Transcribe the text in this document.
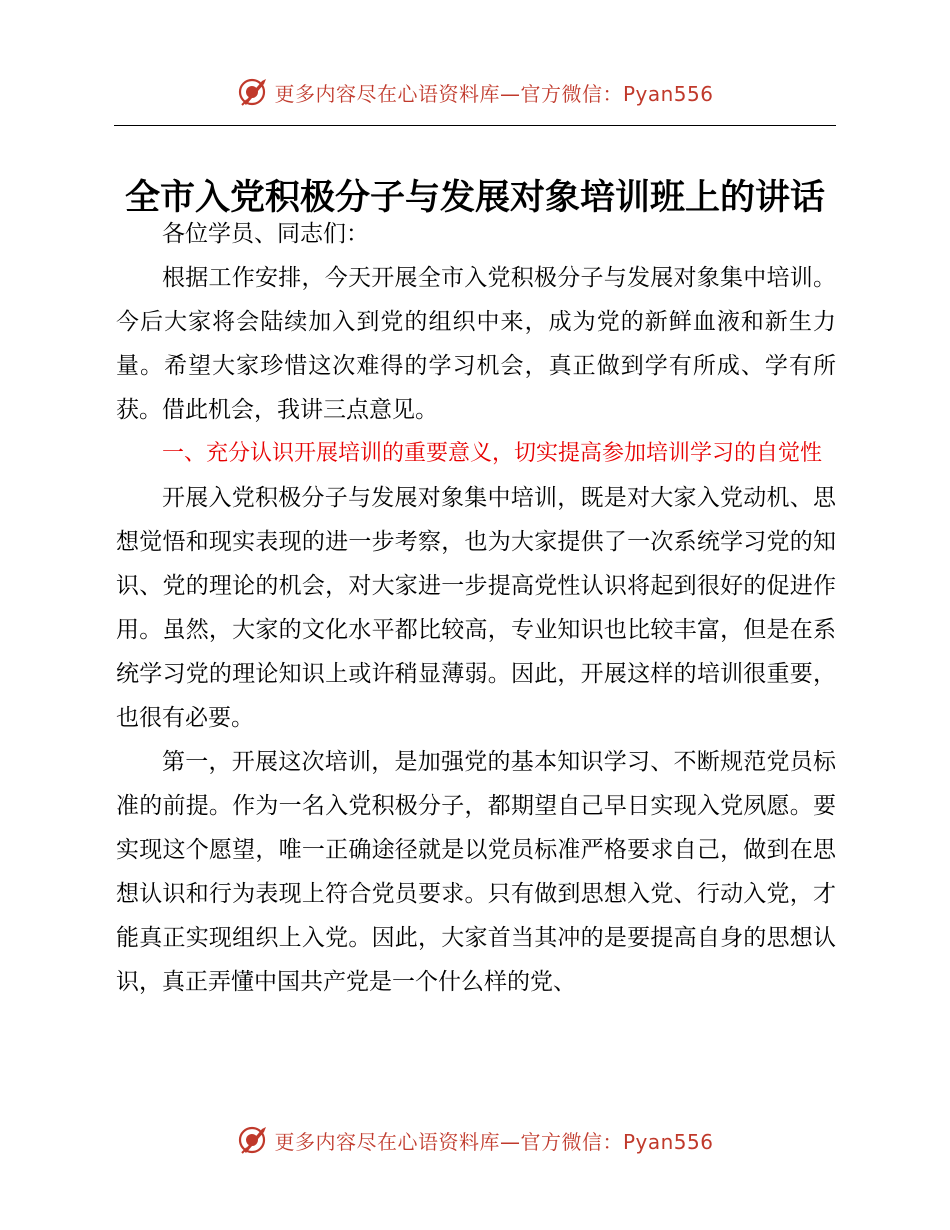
更多内容尽在心语资料库—官方微信：Pyan556
全市入党积极分子与发展对象培训班上的讲话

各位学员、同志们：

根据工作安排，今天开展全市入党积极分子与发展对象集中培训。今后大家将会陆续加入到党的组织中来，成为党的新鲜血液和新生力量。希望大家珍惜这次难得的学习机会，真正做到学有所成、学有所获。借此机会，我讲三点意见。

一、充分认识开展培训的重要意义，切实提高参加培训学习的自觉性

开展入党积极分子与发展对象集中培训，既是对大家入党动机、思想觉悟和现实表现的进一步考察，也为大家提供了一次系统学习党的知识、党的理论的机会，对大家进一步提高党性认识将起到很好的促进作用。虽然，大家的文化水平都比较高，专业知识也比较丰富，但是在系统学习党的理论知识上或许稍显薄弱。因此，开展这样的培训很重要，也很有必要。

第一，开展这次培训，是加强党的基本知识学习、不断规范党员标准的前提。作为一名入党积极分子，都期望自己早日实现入党夙愿。要实现这个愿望，唯一正确途径就是以党员标准严格要求自己，做到在思想认识和行为表现上符合党员要求。只有做到思想入党、行动入党，才能真正实现组织上入党。因此，大家首当其冲的是要提高自身的思想认识，真正弄懂中国共产党是一个什么样的党、

更多内容尽在心语资料库—官方微信：Pyan556
